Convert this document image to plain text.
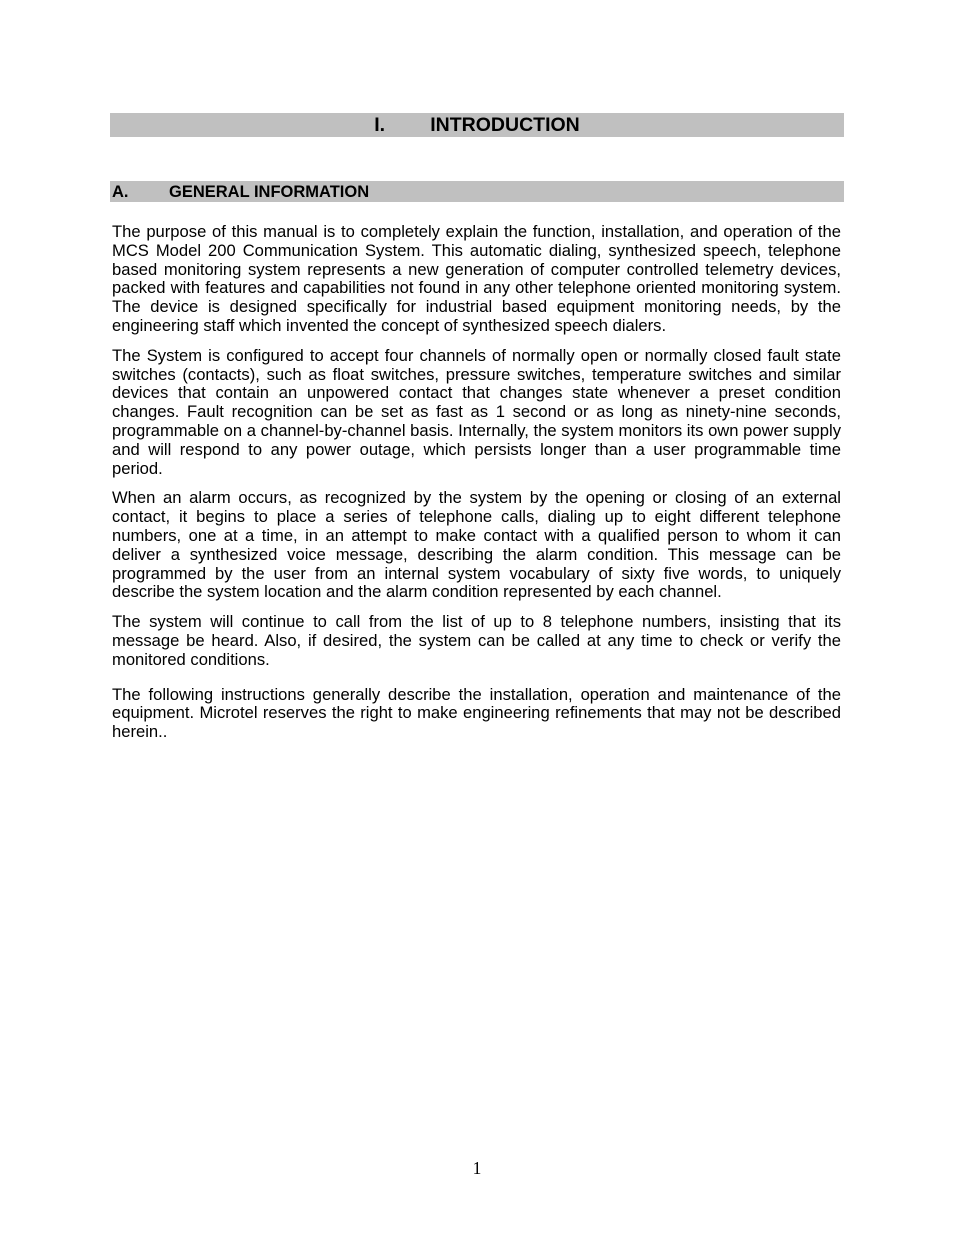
I. INTRODUCTION
A. GENERAL INFORMATION

The purpose of this manual is to completely explain the function, installation, and operation of the MCS Model 200 Communication System. This automatic dialing, synthesized speech, telephone based monitoring system represents a new generation of computer controlled telemetry devices, packed with features and capabilities not found in any other telephone oriented monitoring system. The device is designed specifically for industrial based equipment monitoring needs, by the engineering staff which invented the concept of synthesized speech dialers.

The System is configured to accept four channels of normally open or normally closed fault state switches (contacts), such as float switches, pressure switches, temperature switches and similar devices that contain an unpowered contact that changes state whenever a preset condition changes. Fault recognition can be set as fast as 1 second or as long as ninety-nine seconds, programmable on a channel-by-channel basis. Internally, the system monitors its own power supply and will respond to any power outage, which persists longer than a user programmable time period.

When an alarm occurs, as recognized by the system by the opening or closing of an external contact, it begins to place a series of telephone calls, dialing up to eight different telephone numbers, one at a time, in an attempt to make contact with a qualified person to whom it can deliver a synthesized voice message, describing the alarm condition. This message can be programmed by the user from an internal system vocabulary of sixty five words, to uniquely describe the system location and the alarm condition represented by each channel.

The system will continue to call from the list of up to 8 telephone numbers, insisting that its message be heard. Also, if desired, the system can be called at any time to check or verify the monitored conditions.

The following instructions generally describe the installation, operation and maintenance of the equipment. Microtel reserves the right to make engineering refinements that may not be described herein..

1
